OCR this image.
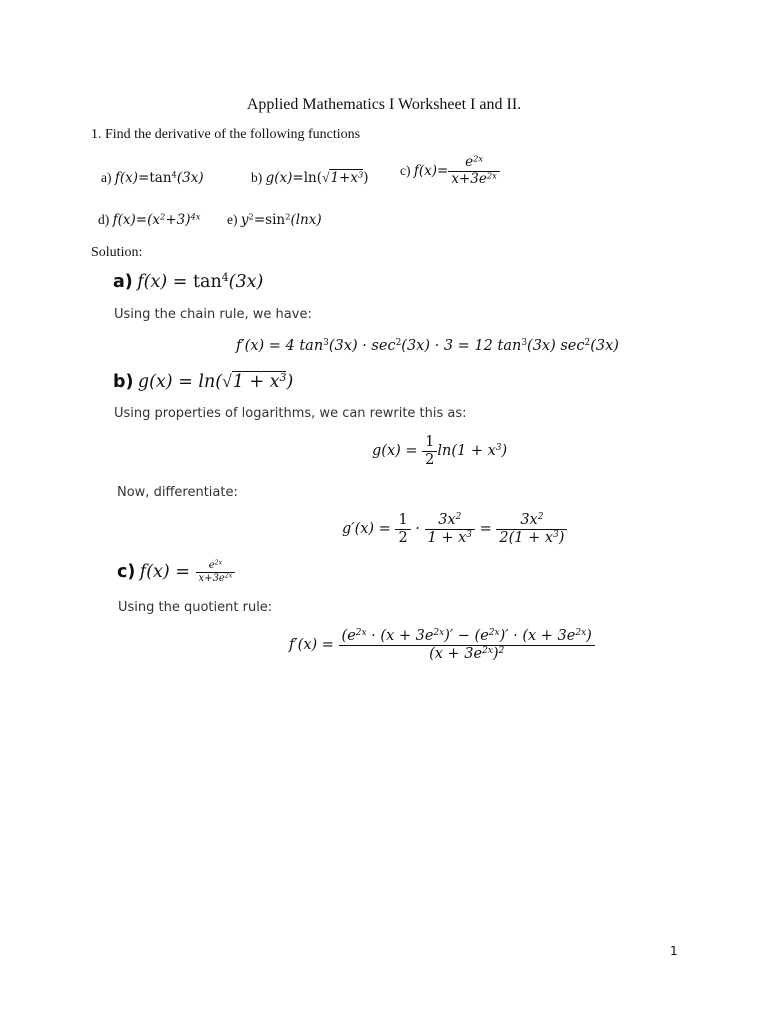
Applied Mathematics I Worksheet I and II.
1. Find the derivative of the following functions
a) $f(x)=\tan^4(3x)$	b) $g(x)=\ln(√1+x^3)$ c) $f(x)= \frac{e^{2x}}{x+3e^{2x}}$
d) $f(x)=(x^2+3)^{4x}$ e) $y^2=\sin^2(\ln x)$
Solution:
a) $f(x) = \tan^4(3x)$
Using the chain rule, we have:
f′(x) = 4 $\tan^3(3x) \cdot \sec^2(3x) \cdot 3 = 12$ $\tan^3(3x)$ $\sec^2(3x)$
b) $g(x) = \ln(√1 + x^3)$
Using properties of logarithms, we can rewrite this as:
$g(x) = \frac{1}{2} \ln(1 + x^3)$
Now, differentiate:
$g'(x) = \frac{1}{2} \cdot \frac{3x^2}{1 + x^3} = \frac{3x^2}{2(1 + x^3)}$
c) $f(x) = \frac{e^{2x}}{x+3e^{2x}}$
Using the quotient rule:
$f'(x) = \frac{(e^{2x} \cdot (x + 3e^{2x})' - (e^{2x})' \cdot (x + 3e^{2x})}{(x + 3e^{2x})^2}$
1
